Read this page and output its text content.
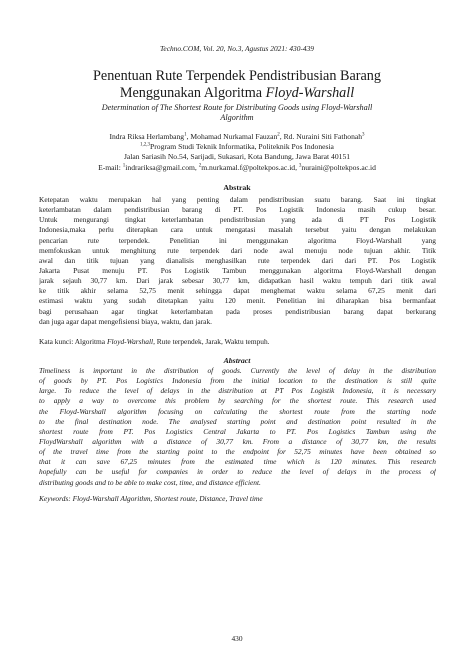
Techno.COM, Vol. 20, No.3, Agustus 2021: 430-439
Penentuan Rute Terpendek Pendistribusian Barang
Menggunakan Algoritma Floyd-Warshall
Determination of The Shortest Route for Distributing Goods using Floyd-Warshall
Algorithm
Indra Riksa Herlambang$^1$, Mohamad Nurkamal Fauzan$^2$, Rd. Nuraini Siti Fathonah$^3$
$^{1,2,3}$Program Studi Teknik Informatika, Politeknik Pos Indonesia
Jalan Sariasih No.54, Sarijadi, Sukasari, Kota Bandung, Jawa Barat 40151
E-mail: $^1$indrariksa@gmail.com, $^2$m.nurkamal.f@poltekpos.ac.id, $^3$nuraini@poltekpos.ac.id
Abstrak
Ketepatan waktu merupakan hal yang penting dalam pendistribusian suatu barang. Saat ini tingkat
keterlambatan dalam pendistribusian barang di PT. Pos Logistik Indonesia masih cukup besar.
Untuk mengurangi tingkat keterlambatan pendistribusian yang ada di PT Pos Logistik
Indonesia,maka perlu diterapkan cara untuk mengatasi masalah tersebut yaitu dengan melakukan
pencarian rute terpendek. Penelitian ini menggunakan algoritma Floyd-Warshall yang
memfokuskan untuk menghitung rute terpendek dari node awal menuju node tujuan akhir. Titik
awal dan titik tujuan yang dianalisis menghasilkan rute terpendek dari dari PT. Pos Logistik
Jakarta Pusat menuju PT. Pos Logistik Tambun menggunakan algoritma Floyd-Warshall dengan
jarak sejauh 30,77 km. Dari jarak sebesar 30,77 km, didapatkan hasil waktu tempuh dari titik awal
ke titik akhir selama 52,75 menit sehingga dapat menghemat waktu selama 67,25 menit dari
estimasi waktu yang sudah ditetapkan yaitu 120 menit. Penelitian ini diharapkan bisa bermanfaat
bagi perusahaan agar tingkat keterlambatan pada proses pendistribusian barang dapat berkurang
dan juga agar dapat mengefisiensi biaya, waktu, dan jarak.
Kata kunci: Algoritma Floyd-Warshall, Rute terpendek, Jarak, Waktu tempuh.
Abstract
Timeliness is important in the distribution of goods. Currently the level of delay in the distribution
of goods by PT. Pos Logistics Indonesia from the initial location to the destination is still quite
large. To reduce the level of delays in the distribution at PT Pos Logistik Indonesia, it is necessary
to apply a way to overcome this problem by searching for the shortest route. This research used
the Floyd-Warshall algorithm focusing on calculating the shortest route from the starting node
to the final destination node. The analysed starting point and destination point resulted in the
shortest route from PT. Pos Logistics Central Jakarta to PT. Pos Logistics Tambun using the
FloydWarshall algorithm with a distance of 30,77 km. From a distance of 30,77 km, the results
of the travel time from the starting point to the endpoint for 52,75 minutes have been obtained so
that it can save 67,25 minutes from the estimated time which is 120 minutes. This research
hopefully can be useful for companies in order to reduce the level of delays in the process of
distributing goods and to be able to make cost, time, and distance efficient.
Keywords: Floyd-Warshall Algorithm, Shortest route, Distance, Travel time
430
